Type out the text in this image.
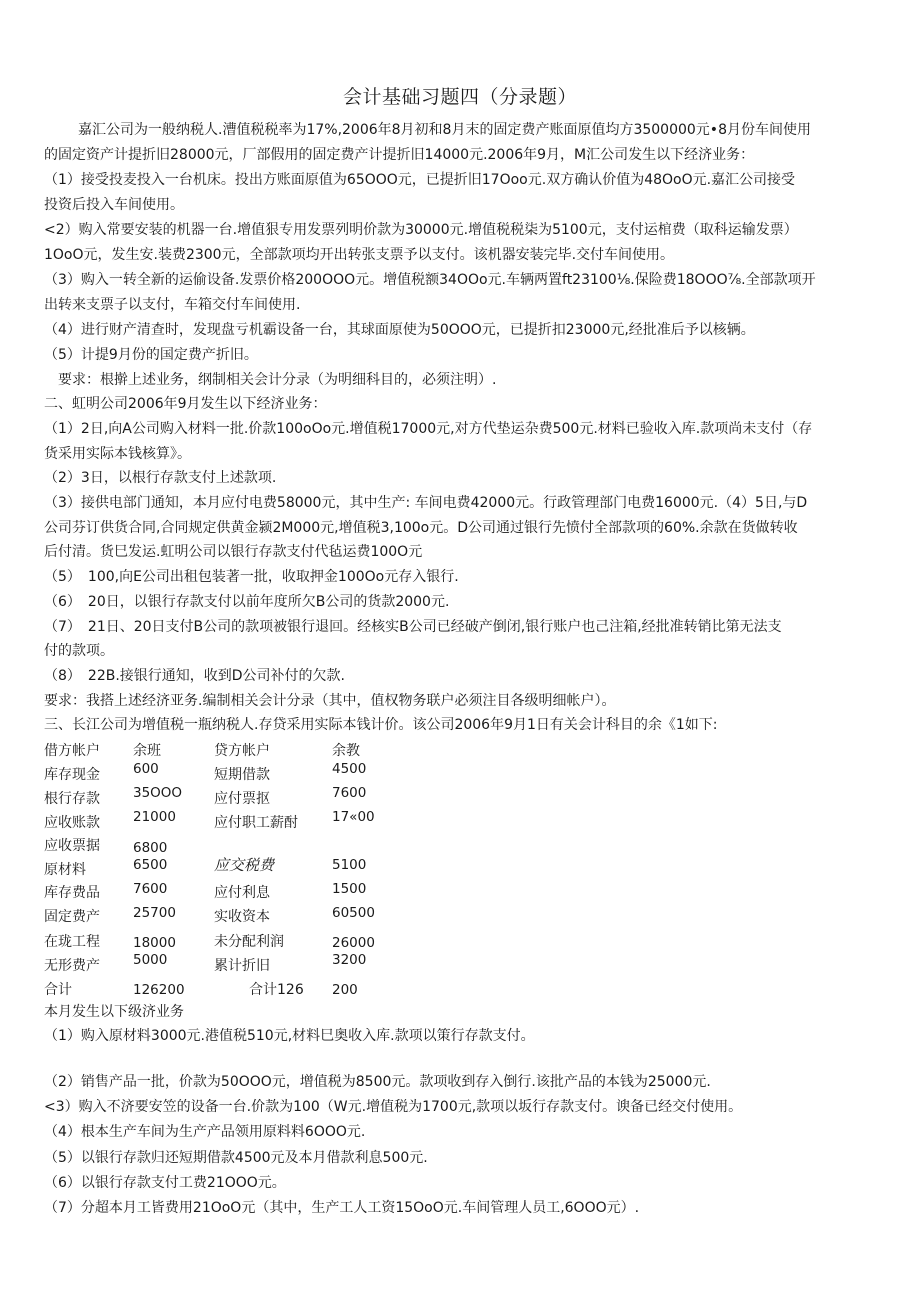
会计基础习题四（分录题）
嘉汇公司为一般纳税人.漕值税税率为17%,2006年8月初和8月末的固定费产账面原值均方3500000元•8月份车间使用
的固定资产计提折旧28000元，厂部假用的固定费产计提折旧14000元.2006年9月，M汇公司发生以下经济业务：
（1）接受投麦投入一台机床。投出方账面原值为65OOO元，已提折旧17Ooo元.双方确认价值为48OoO元.嘉汇公司接受
投资后投入车间使用。
<2）购入常要安装的机器一台.增值狠专用发票列明价款为30000元.增值税税柒为5100元，支付运棺费（取科运输发票）
1OoO元，发生安.装费2300元，全部款项均开出转张支票予以支付。该机器安装完毕.交付车间使用。
（3）购入一转全新的运偷设备.发票价格200OOO元。增值税额34OOo元.车辆两置ft23100⅛.保险费18OOO⅞.全部款项开
出转来支票子以支付，车箱交付车间使用.
（4）进行财产清查时，发现盘亏机霸设备一台，其球面原使为50OOO元，已提折扣23000元,经批准后予以核辆。
（5）计提9月份的国定费产折旧。
　要求：根擀上述业务，纲制相关会计分录（为明细科目的，必须注明）.
二、虹明公司2006年9月发生以下经济业务：
（1）2日,向A公司购入材料一批.价款100oOo元.增值税17000元,对方代垫运杂费500元.材料已验收入库.款项尚未支付（存
货采用实际本钱核算》。
（2）3日，以根行存款支付上述款项.
（3）接供电部门通知，本月应付电费58000元，其中生产: 车间电费42000元。行政管理部门电费16000元.（4）5日,与D
公司芬订供货合同,合同规定供黄金颍2M000元,增值税3,100o元。D公司通过银行先愤付全部款项的60%.余款在货做转收
后付清。货巳发运.虹明公司以银行存款支付代毡运费100O元
（5）　100,向E公司出租包装著一批，收取押金100Oo元存入银行.
（6）　20日，以银行存款支付以前年度所欠B公司的货款2000元.
（7）　21日、20日支付B公司的款项被银行退回。经核实B公司已经破产倒闭,银行账户也己注箱,经批准转销比第无法支
付的款项。
（8）　22B.接银行通知，收到D公司补付的欠款.
要求：我搭上述经济亚务.编制相关会计分录（其中，值权物务联户必须注目各级明细帐户）。
三、长江公司为增值税一瓶纳税人.存贷采用实际本钱计价。该公司2006年9月1日有关会计科目的余《1如下:
借方帐户 余班	贷方帐户	余教
库存现金 600	短期借款	4500
根行存款 35OOO 应付票抠	7600
应收账款 21000	应付职工薪酎	17«00
应收票据 6800
原材料	6500	应交税费	5100
库存费品 7600	应付利息	1500
固定费产 25700	实收资本	60500
在珑工程 18000	未分配利润	26000
无形费产 5000	累计折旧	3200
合计	126200	合计126 200
本月发生以下级济业务
（1）购入原材料3000元.港值税510元,材料巳奥收入库.款项以策行存款支付。
（2）销售产品一批，价款为50OOO元，增值税为8500元。款项收到存入倒行.该批产品的本钱为25000元.
<3）购入不济要安笠的设备一台.价款为100（W元.增值税为1700元,款项以坂行存款支付。谀备已经交付使用。
（4）根本生产车间为生产产品领用原料料6OOO元.
（5）以银行存款归还短期借款4500元及本月借款利息500元.
（6）以银行存款支付工费21OOO元。
（7）分超本月工皆费用21OoO元（其中，生产工人工资15OoO元.车间管理人员工,6OOO元）.
